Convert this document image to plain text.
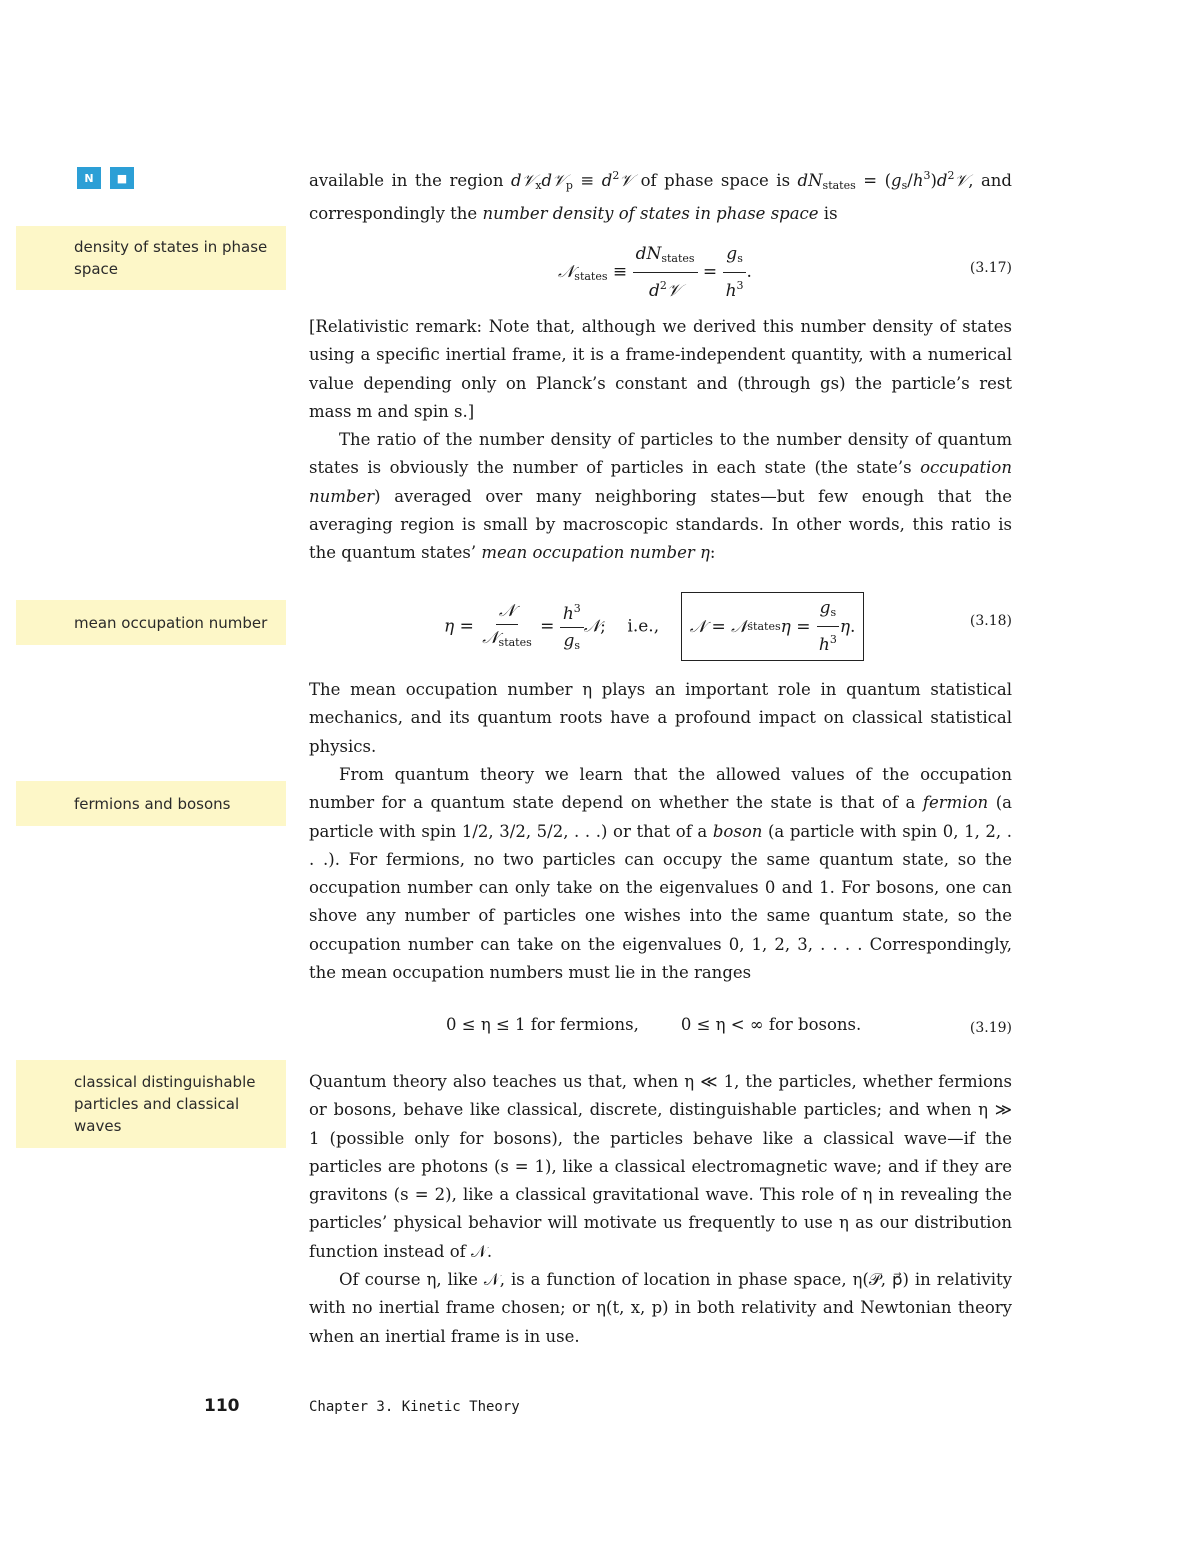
N ■
density of states in phase space
mean occupation number
fermions and bosons
classical distinguishable particles and classical waves

available in the region d𝒱$_x$d𝒱$_p$ ≡ $d^2𝒱$ of phase space is $dN_{states}$ = $(g_s/h^3)d^2𝒱$, and correspondingly the number density of states in phase space is

𝒩$_{states}$ ≡ $\frac{dN_{states}}{d^2𝒱} = \frac{g_s}{h^3}$ .	(3.17)

[Relativistic remark: Note that, although we derived this number density of states using a specific inertial frame, it is a frame-independent quantity, with a numerical value depending only on Planck’s constant and (through gs) the particle’s rest mass m and spin s.]

The ratio of the number density of particles to the number density of quantum states is obviously the number of particles in each state (the state’s occupation number) averaged over many neighboring states—but few enough that the averaging region is small by macroscopic standards. In other words, this ratio is the quantum states’ mean occupation number η:

$\eta = \frac{\text{𝒩}}{𝒩_{states}} = \frac{h^3}{g_s}$ 𝒩;    i.e., 𝒩 = 𝒩 states $\eta = \frac{g_s}{h^3}$ η .	(3.18)

The mean occupation number η plays an important role in quantum statistical mechanics, and its quantum roots have a profound impact on classical statistical physics.

From quantum theory we learn that the allowed values of the occupation number for a quantum state depend on whether the state is that of a fermion (a particle with spin 1/2, 3/2, 5/2, . . .) or that of a boson (a particle with spin 0, 1, 2, . . .). For fermions, no two particles can occupy the same quantum state, so the occupation number can only take on the eigenvalues 0 and 1. For bosons, one can shove any number of particles one wishes into the same quantum state, so the occupation number can take on the eigenvalues 0, 1, 2, 3, . . . . Correspondingly, the mean occupation numbers must lie in the ranges

0 ≤ η ≤ 1 for fermions,	0 ≤ η < ∞ for bosons.	(3.19)

Quantum theory also teaches us that, when η ≪ 1, the particles, whether fermions or bosons, behave like classical, discrete, distinguishable particles; and when η ≫ 1 (possible only for bosons), the particles behave like a classical wave—if the particles are photons (s = 1), like a classical electromagnetic wave; and if they are gravitons (s = 2), like a classical gravitational wave. This role of η in revealing the particles’ physical behavior will motivate us frequently to use η as our distribution function instead of 𝒩.

Of course η, like 𝒩, is a function of location in phase space, η(𝒫, p⃗) in relativity with no inertial frame chosen; or η(t, x, p) in both relativity and Newtonian theory when an inertial frame is in use.

110	Chapter 3. Kinetic Theory
